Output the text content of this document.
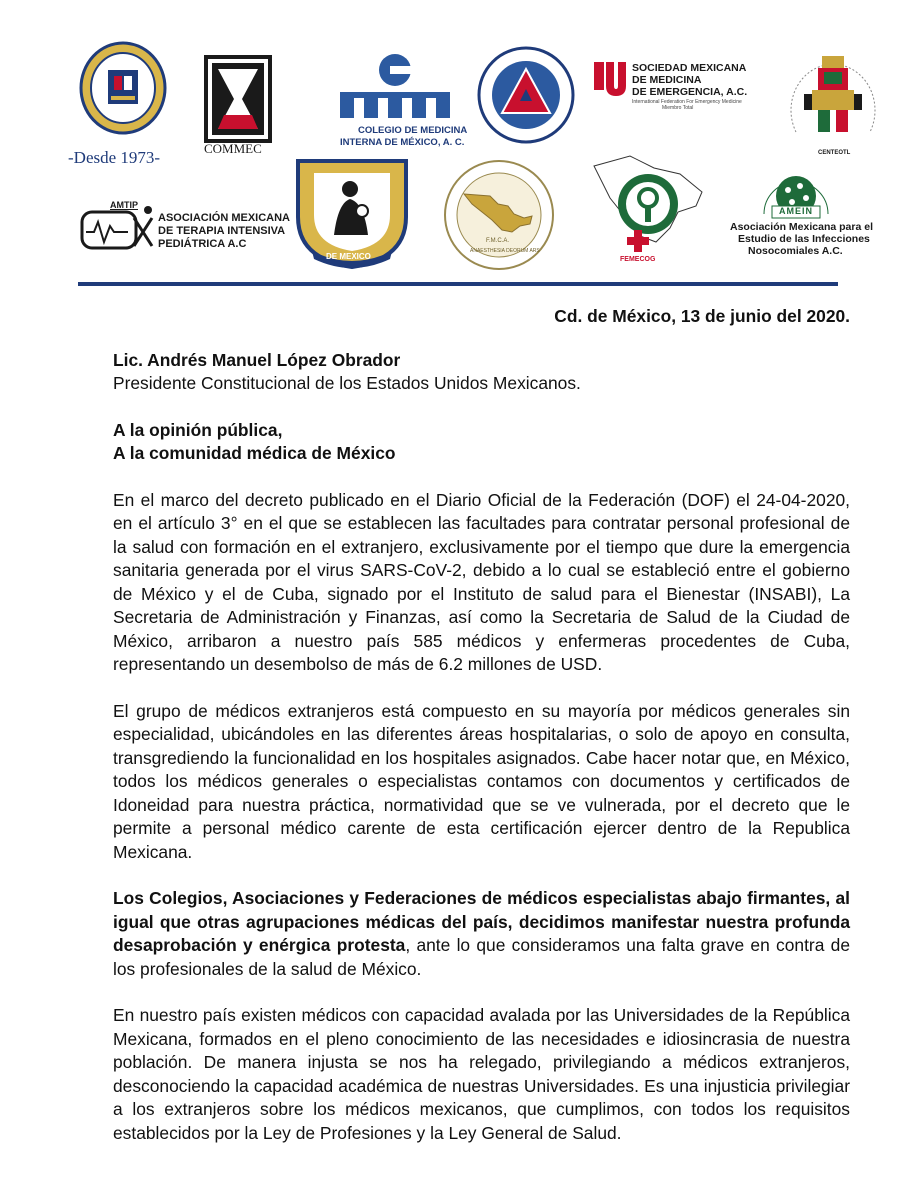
-Desde 1973-	COMMEC
COLEGIO DE MEDICINA
INTERNA DE MÉXICO, A. C.
SOCIEDAD MEXICANA
DE MEDICINA
DE EMERGENCIA, A.C.
International Federation For Emergency Medicine
Miembro Total
CENTEOTL
AMTIP
ASOCIACIÓN MEXICANA
DE TERAPIA INTENSIVA
PEDIÁTRICA A.C
DE MEXICO
F.M.C.A.
ANAESTHESIA DEORUM ARS
FEMECOG
AMEIN
Asociación Mexicana para el
Estudio de las Infecciones
Nosocomiales A.C.

Cd. de México, 13 de junio del 2020.

Lic. Andrés Manuel López Obrador
Presidente Constitucional de los Estados Unidos Mexicanos.
A la opinión pública,
A la comunidad médica de México

En el marco del decreto publicado en el Diario Oficial de la Federación (DOF) el 24-04-2020, en el artículo 3° en el que se establecen las facultades para contratar personal profesional de la salud con formación en el extranjero, exclusivamente por el tiempo que dure la emergencia sanitaria generada por el virus SARS-CoV-2, debido a lo cual se estableció entre el gobierno de México y el de Cuba, signado por el Instituto de salud para el Bienestar (INSABI), La Secretaria de Administración y Finanzas, así como la Secretaria de Salud de la Ciudad de México, arribaron a nuestro país 585 médicos y enfermeras procedentes de Cuba, representando un desembolso de más de 6.2 millones de USD.

El grupo de médicos extranjeros está compuesto en su mayoría por médicos generales sin especialidad, ubicándoles en las diferentes áreas hospitalarias, o solo de apoyo en consulta, transgrediendo la funcionalidad en los hospitales asignados. Cabe hacer notar que, en México, todos los médicos generales o especialistas contamos con documentos y certificados de Idoneidad para nuestra práctica, normatividad que se ve vulnerada, por el decreto que le permite a personal médico carente de esta certificación ejercer dentro de la Republica Mexicana.

Los Colegios, Asociaciones y Federaciones de médicos especialistas abajo firmantes, al igual que otras agrupaciones médicas del país, decidimos manifestar nuestra profunda desaprobación y enérgica protesta, ante lo que consideramos una falta grave en contra de los profesionales de la salud de México.

En nuestro país existen médicos con capacidad avalada por las Universidades de la República Mexicana, formados en el pleno conocimiento de las necesidades e idiosincrasia de nuestra población. De manera injusta se nos ha relegado, privilegiando a médicos extranjeros, desconociendo la capacidad académica de nuestras Universidades. Es una injusticia privilegiar a los extranjeros sobre los médicos mexicanos, que cumplimos, con todos los requisitos establecidos por la Ley de Profesiones y la Ley General de Salud.
